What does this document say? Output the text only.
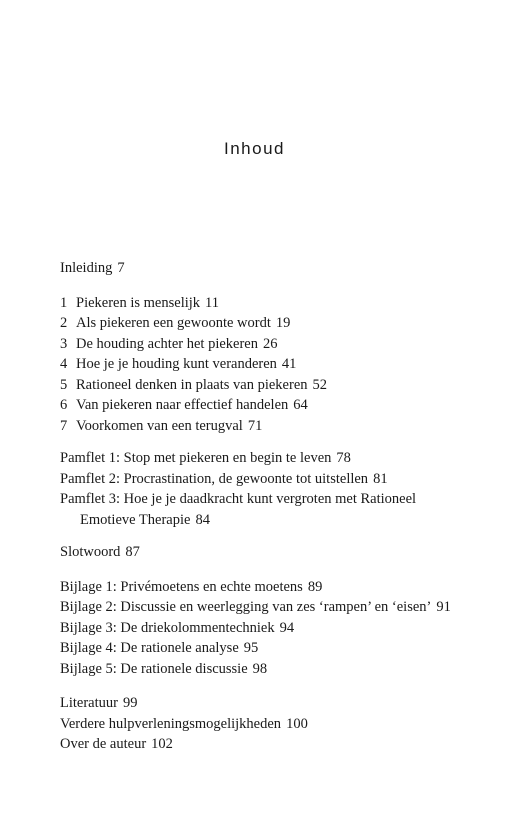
Inhoud
Inleiding 7
1 Piekeren is menselijk 11
2 Als piekeren een gewoonte wordt 19
3 De houding achter het piekeren 26
4 Hoe je je houding kunt veranderen 41
5 Rationeel denken in plaats van piekeren 52
6 Van piekeren naar effectief handelen 64
7 Voorkomen van een terugval 71
Pamflet 1: Stop met piekeren en begin te leven 78
Pamflet 2: Procrastination, de gewoonte tot uitstellen 81
Pamflet 3: Hoe je je daadkracht kunt vergroten met Rationeel
Emotieve Therapie 84
Slotwoord 87
Bijlage 1: Privémoetens en echte moetens 89
Bijlage 2: Discussie en weerlegging van zes ‘rampen’ en ‘eisen’ 91
Bijlage 3: De driekolommentechniek 94
Bijlage 4: De rationele analyse 95
Bijlage 5: De rationele discussie 98
Literatuur 99
Verdere hulpverleningsmogelijkheden 100
Over de auteur 102
